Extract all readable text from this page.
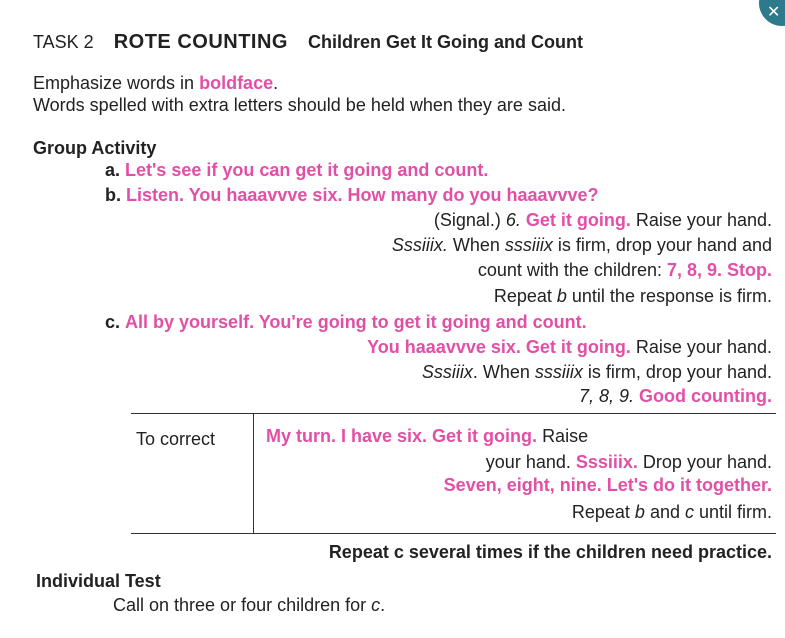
✕
TASK 2 ROTE COUNTING Children Get It Going and Count
Emphasize words in boldface.
Words spelled with extra letters should be held when they are said.
Group Activity
a. Let's see if you can get it going and count.
b. Listen. You haaavvve six. How many do you haaavvve?
(Signal.) 6. Get it going. Raise your hand.
Sssiiix. When sssiiix is firm, drop your hand and
count with the children: 7, 8, 9. Stop.
Repeat b until the response is firm.
c. All by yourself. You're going to get it going and count.
You haaavvve six. Get it going. Raise your hand.
Sssiiix. When sssiiix is firm, drop your hand.
7, 8, 9. Good counting.
To correct	My turn. I have six. Get it going. Raise
your hand. Sssiiix. Drop your hand.
Seven, eight, nine. Let's do it together.
Repeat b and c until firm.
Repeat c several times if the children need practice.
Individual Test
Call on three or four children for c.
